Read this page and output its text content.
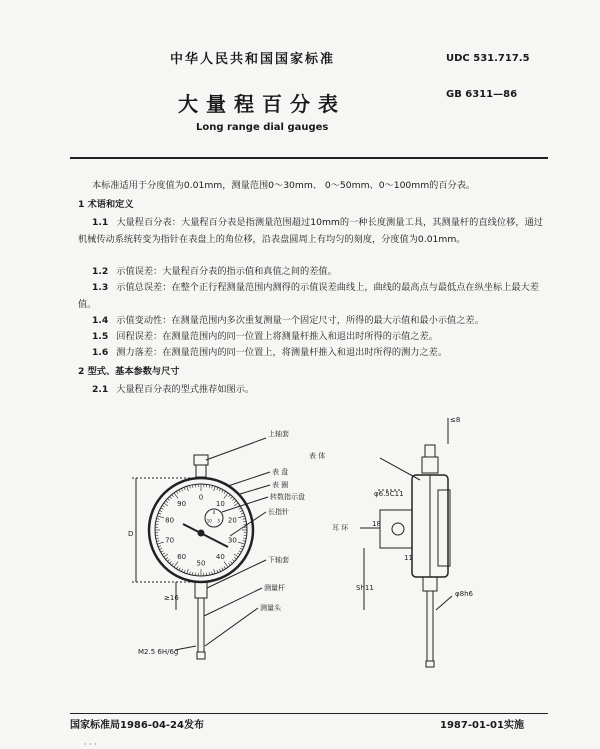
中华人民共和国国家标准	UDC 531.717.5
大量程百分表	GB 6311—86
Long range dial gauges
本标准适用于分度值为0.01mm，测量范围0～30mm、 0～50mm、0～100mm的百分表。
1 术语和定义
1.1 大量程百分表：大量程百分表是指测量范围超过10mm的一种长度测量工具，其测量杆的直线位移，通过机械传动系统转变为指针在表盘上的角位移，沿表盘圆周上有均匀的刻度，分度值为0.01mm。
1.2 示值误差：大量程百分表的指示值和真值之间的差值。
1.3 示值总误差：在整个正行程测量范围内测得的示值误差曲线上，曲线的最高点与最低点在纵坐标上最大差值。
1.4 示值变动性：在测量范围内多次重复测量一个固定尺寸，所得的最大示值和最小示值之差。
1.5 回程误差：在测量范围内的同一位置上将测量杆推入和退出时所得的示值之差。
1.6 测力落差：在测量范围内的同一位置上，将测量杆推入和退出时所得的测力之差。
2 型式、基本参数与尺寸
2.1 大量程百分表的型式推荐如图示。
0
10
20
30
40
50
60
70
80
90
0
5
10
上轴套
表 体
表 盘
表 圈
转数指示盘
长指针
下轴套
测量杆
测量头
耳 环
M2.5 6H/6g
D
≥16
≤8
18
11
φ6.5C11
φ8h6
Sh11
国家标准局1986-04-24发布	1987-01-01实施
· · ·
